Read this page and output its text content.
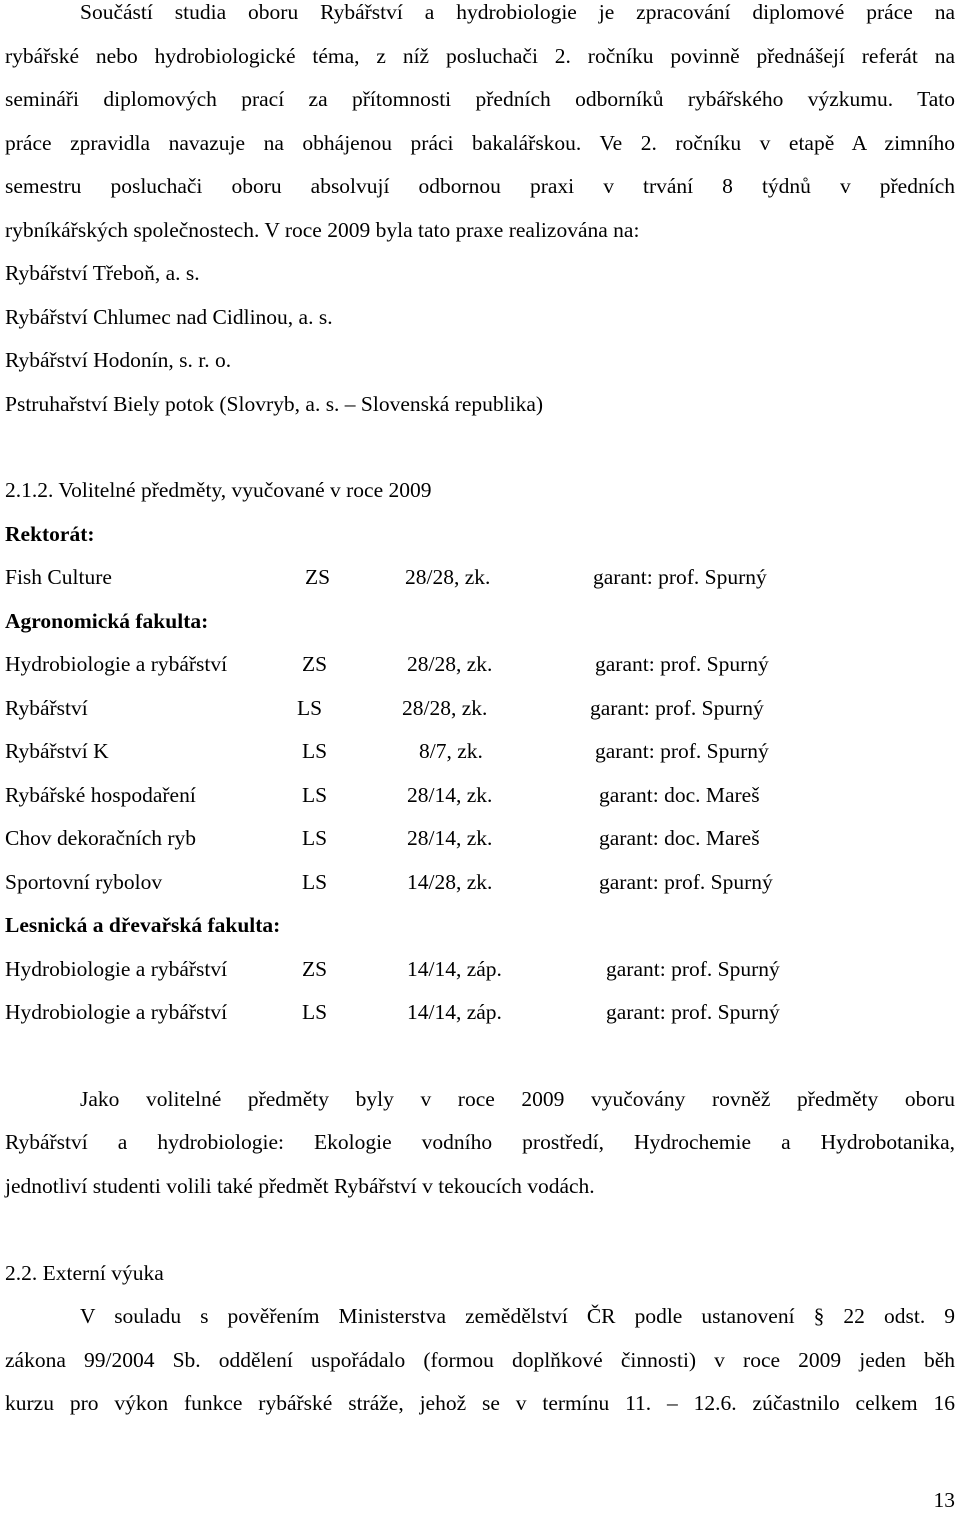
Součástí studia oboru Rybářství a hydrobiologie je zpracování diplomové práce na
rybářské nebo hydrobiologické téma, z níž posluchači 2. ročníku povinně přednášejí referát na
semináři diplomových prací za přítomnosti předních odborníků rybářského výzkumu. Tato
práce zpravidla navazuje na obhájenou práci bakalářskou. Ve 2. ročníku v etapě A zimního
semestru posluchači oboru absolvují odbornou praxi v trvání 8 týdnů v předních
rybníkářských společnostech. V roce 2009 byla tato praxe realizována na:
Rybářství Třeboň, a. s.
Rybářství Chlumec nad Cidlinou, a. s.
Rybářství Hodonín, s. r. o.
Pstruhařství Biely potok (Slovryb, a. s. – Slovenská republika)
2.1.2. Volitelné předměty, vyučované v roce 2009
Rektorát:
Fish Culture	ZS	28/28, zk.	garant: prof. Spurný
Agronomická fakulta:
Hydrobiologie a rybářství	ZS	28/28, zk.	garant: prof. Spurný
Rybářství	LS	28/28, zk.	garant: prof. Spurný
Rybářství K	LS	8/7, zk.	garant: prof. Spurný
Rybářské hospodaření	LS	28/14, zk.	garant: doc. Mareš
Chov dekoračních ryb	LS	28/14, zk.	garant: doc. Mareš
Sportovní rybolov	LS	14/28, zk.	garant: prof. Spurný
Lesnická a dřevařská fakulta:
Hydrobiologie a rybářství	ZS	14/14, záp.	garant: prof. Spurný
Hydrobiologie a rybářství	LS	14/14, záp.	garant: prof. Spurný
Jako volitelné předměty byly v roce 2009 vyučovány rovněž předměty oboru
Rybářství a hydrobiologie: Ekologie vodního prostředí, Hydrochemie a Hydrobotanika,
jednotliví studenti volili také předmět Rybářství v tekoucích vodách.
2.2. Externí výuka
V souladu s pověřením Ministerstva zemědělství ČR podle ustanovení § 22 odst. 9
zákona 99/2004 Sb. oddělení uspořádalo (formou doplňkové činnosti) v roce 2009 jeden běh
kurzu pro výkon funkce rybářské stráže, jehož se v termínu 11. – 12.6. zúčastnilo celkem 16
13
